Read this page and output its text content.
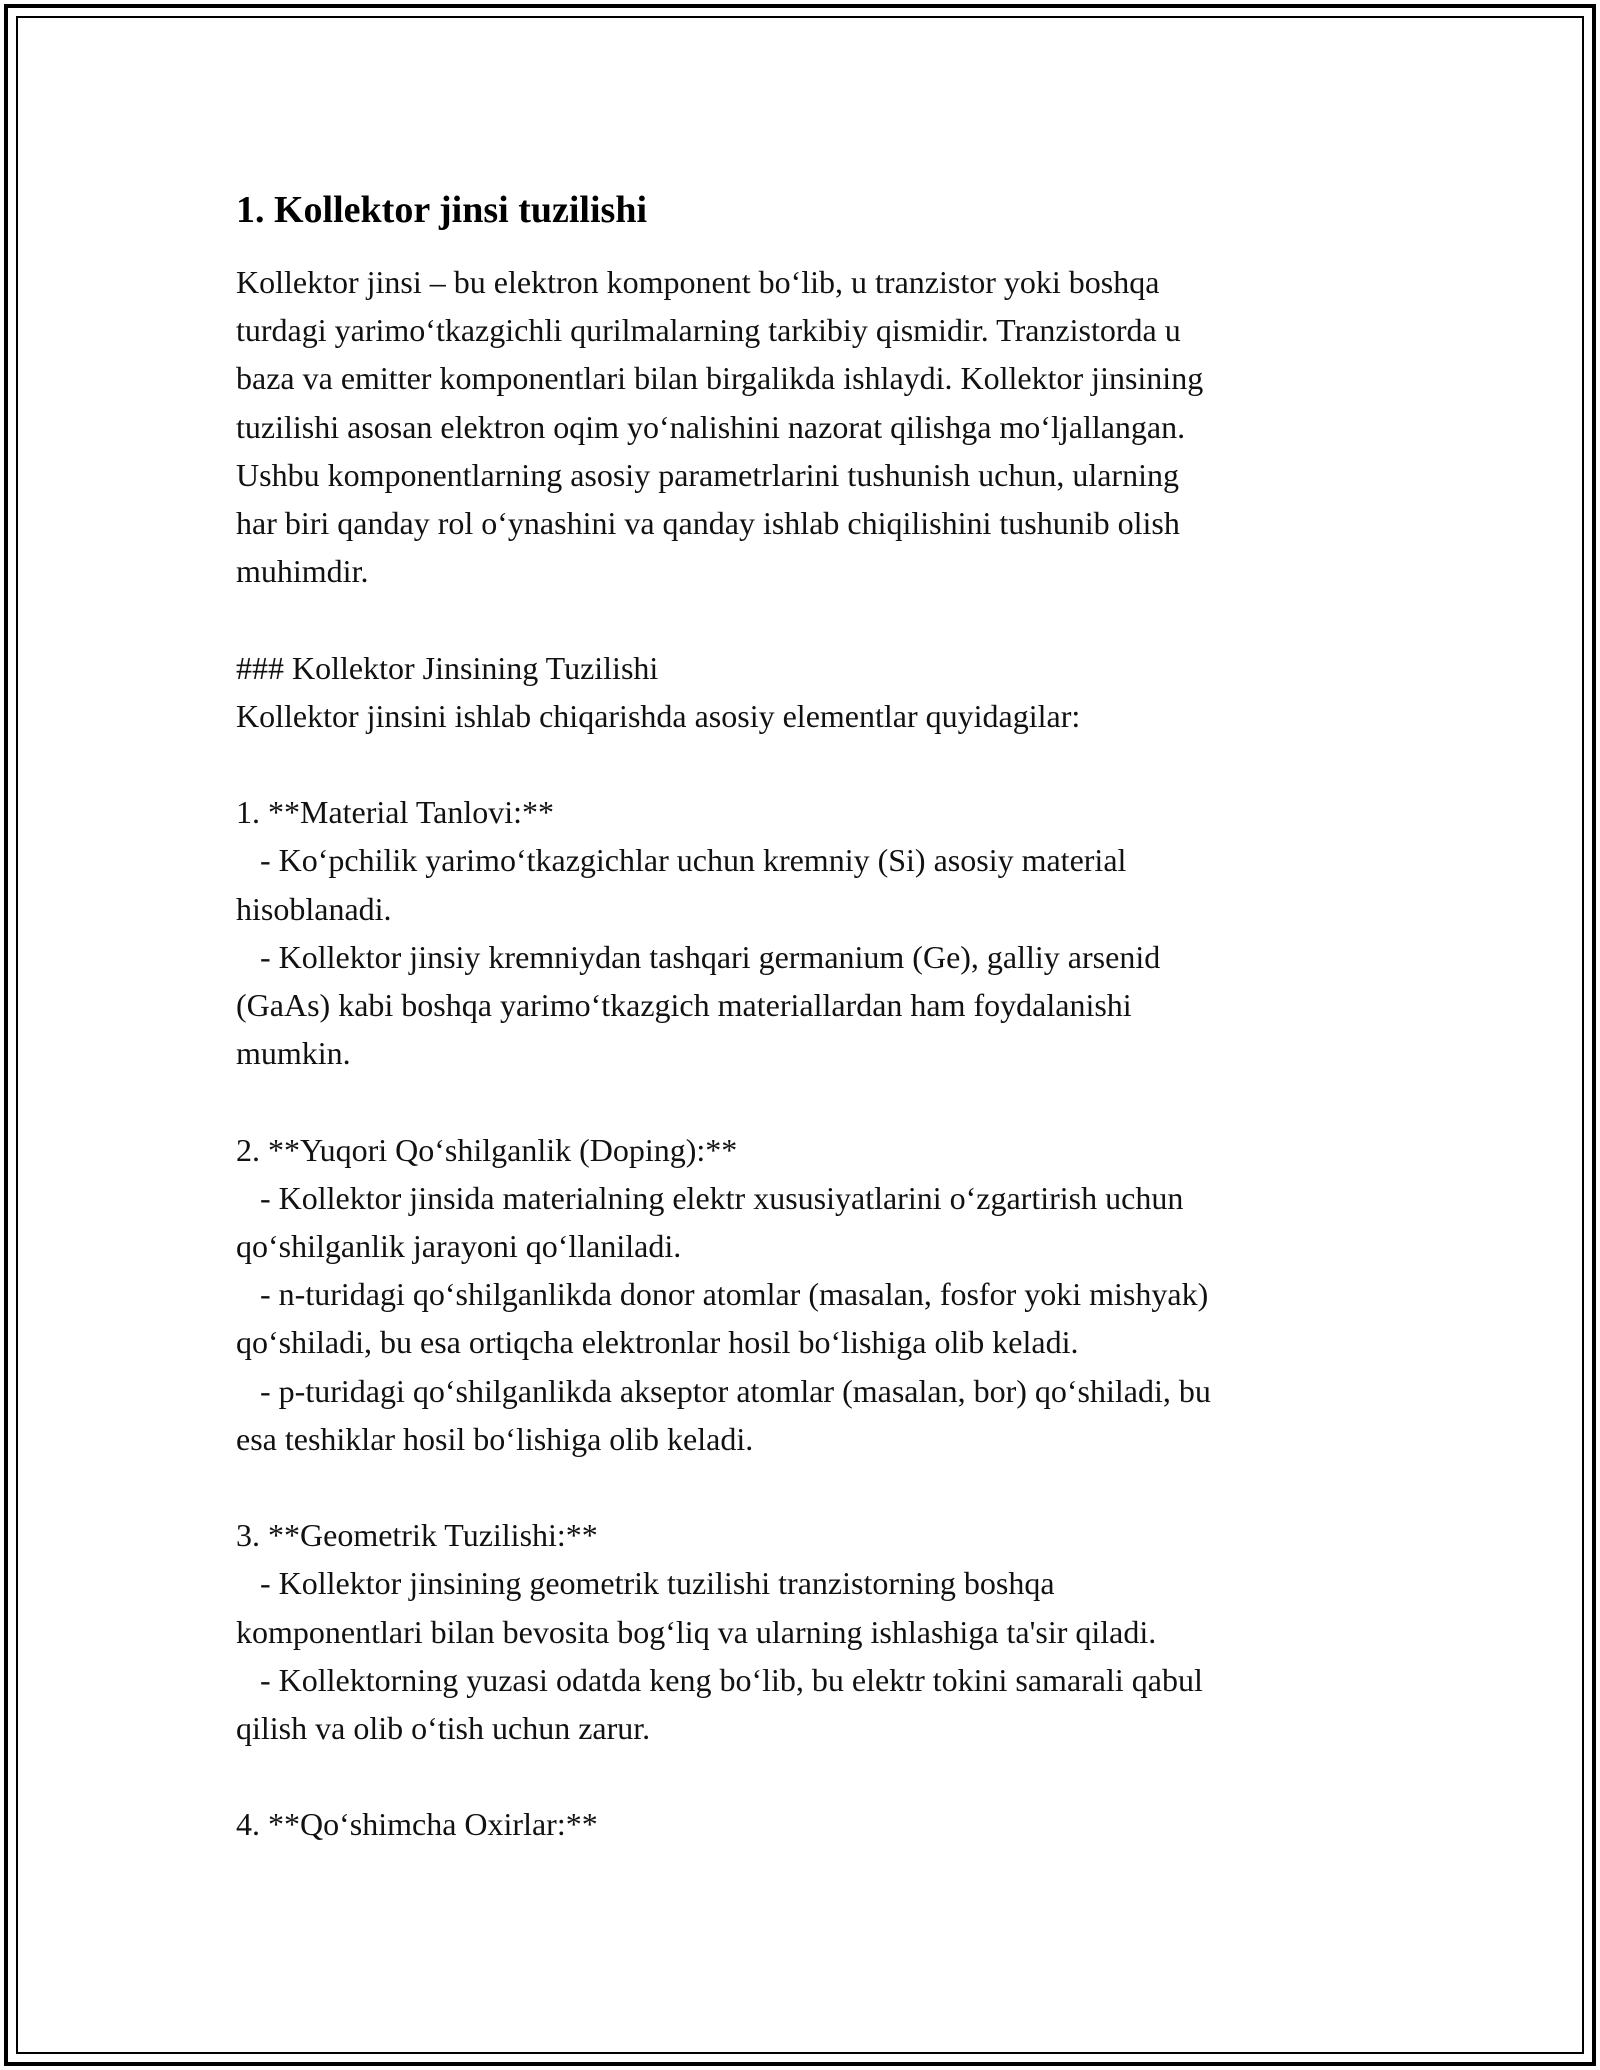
1. Kollektor jinsi tuzilishi
Kollektor jinsi – bu elektron komponent bo‘lib, u tranzistor yoki boshqa
turdagi yarimo‘tkazgichli qurilmalarning tarkibiy qismidir. Tranzistorda u
baza va emitter komponentlari bilan birgalikda ishlaydi. Kollektor jinsining
tuzilishi asosan elektron oqim yo‘nalishini nazorat qilishga mo‘ljallangan.
Ushbu komponentlarning asosiy parametrlarini tushunish uchun, ularning
har biri qanday rol o‘ynashini va qanday ishlab chiqilishini tushunib olish
muhimdir.
### Kollektor Jinsining Tuzilishi
Kollektor jinsini ishlab chiqarishda asosiy elementlar quyidagilar:
1. **Material Tanlovi:**
- Ko‘pchilik yarimo‘tkazgichlar uchun kremniy (Si) asosiy material
hisoblanadi.
- Kollektor jinsiy kremniydan tashqari germanium (Ge), galliy arsenid
(GaAs) kabi boshqa yarimo‘tkazgich materiallardan ham foydalanishi
mumkin.
2. **Yuqori Qo‘shilganlik (Doping):**
- Kollektor jinsida materialning elektr xususiyatlarini o‘zgartirish uchun
qo‘shilganlik jarayoni qo‘llaniladi.
- n-turidagi qo‘shilganlikda donor atomlar (masalan, fosfor yoki mishyak)
qo‘shiladi, bu esa ortiqcha elektronlar hosil bo‘lishiga olib keladi.
- p-turidagi qo‘shilganlikda akseptor atomlar (masalan, bor) qo‘shiladi, bu
esa teshiklar hosil bo‘lishiga olib keladi.
3. **Geometrik Tuzilishi:**
- Kollektor jinsining geometrik tuzilishi tranzistorning boshqa
komponentlari bilan bevosita bog‘liq va ularning ishlashiga ta'sir qiladi.
- Kollektorning yuzasi odatda keng bo‘lib, bu elektr tokini samarali qabul
qilish va olib o‘tish uchun zarur.
4. **Qo‘shimcha Oxirlar:**
